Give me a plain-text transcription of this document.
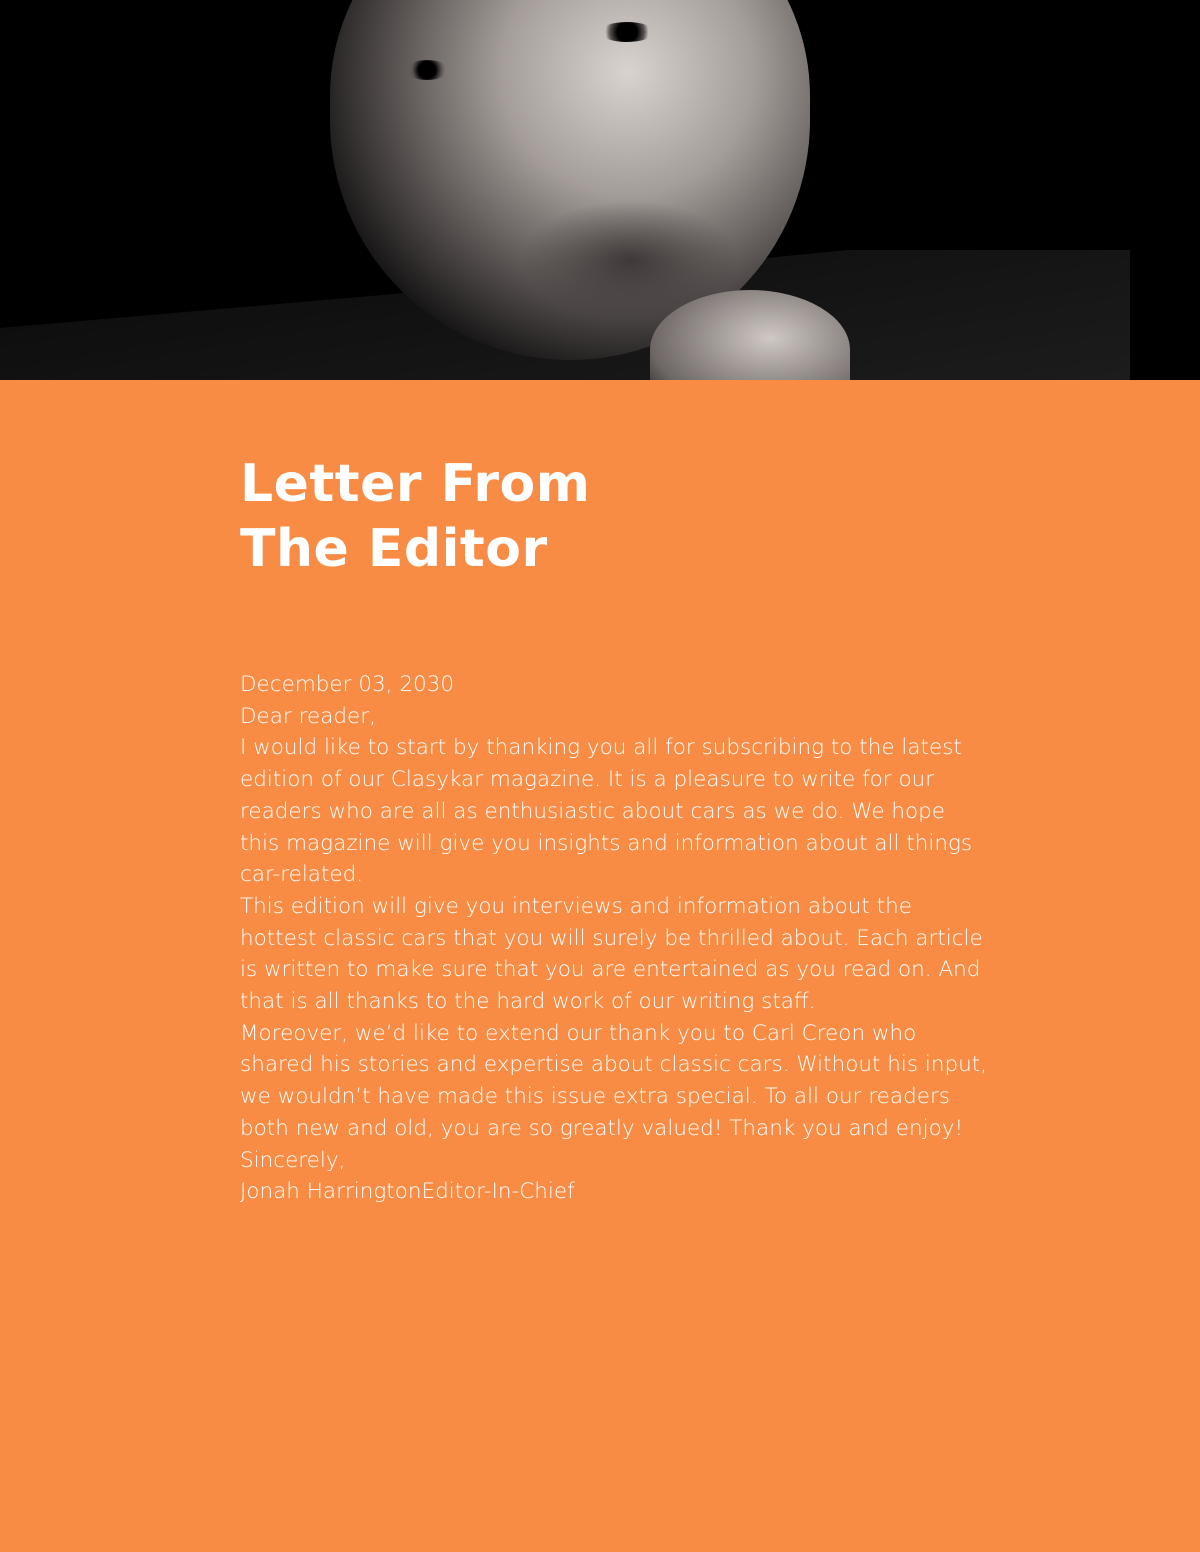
Letter From
The Editor
December 03, 2030
Dear reader,
I would like to start by thanking you all for subscribing to the latest
edition of our Clasykar magazine. It is a pleasure to write for our
readers who are all as enthusiastic about cars as we do. We hope
this magazine will give you insights and information about all things
car-related.
This edition will give you interviews and information about the
hottest classic cars that you will surely be thrilled about. Each article
is written to make sure that you are entertained as you read on. And
that is all thanks to the hard work of our writing staff.
Moreover, we’d like to extend our thank you to Carl Creon who
shared his stories and expertise about classic cars. Without his input,
we wouldn’t have made this issue extra special. To all our readers
both new and old, you are so greatly valued! Thank you and enjoy!
Sincerely,
Jonah HarringtonEditor-In-Chief
